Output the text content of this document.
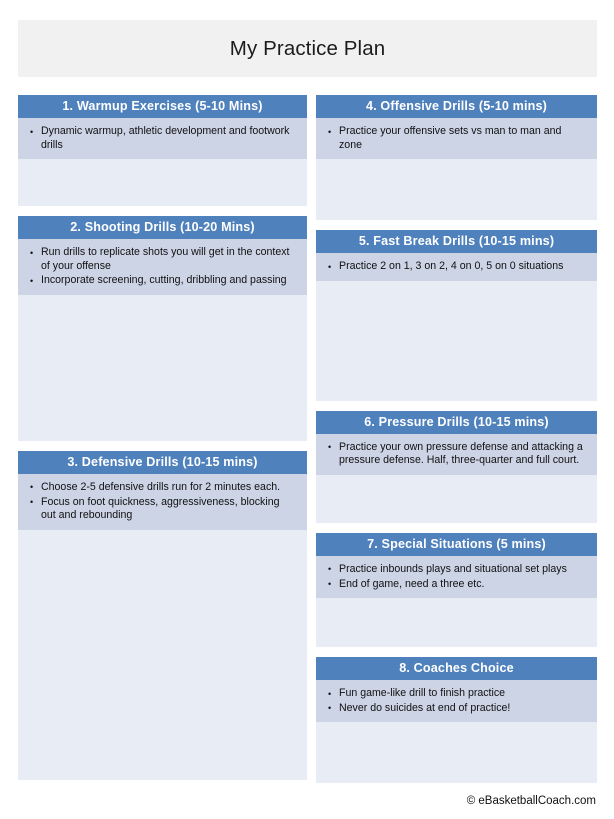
My Practice Plan
1. Warmup Exercises (5-10 Mins)
• Dynamic warmup, athletic development and footwork drills
2. Shooting Drills (10-20 Mins)
• Run drills to replicate shots you will get in the context of your offense
• Incorporate screening, cutting, dribbling and passing
3. Defensive Drills (10-15 mins)
• Choose 2-5 defensive drills run for 2 minutes each.
• Focus on foot quickness, aggressiveness, blocking out and rebounding
4. Offensive Drills (5-10 mins)
• Practice your offensive sets vs man to man and zone
5. Fast Break Drills (10-15 mins)
• Practice 2 on 1, 3 on 2, 4 on 0, 5 on 0 situations
6. Pressure Drills (10-15 mins)
• Practice your own pressure defense and attacking a pressure defense. Half, three-quarter and full court.
7. Special Situations (5 mins)
• Practice inbounds plays and situational set plays
• End of game, need a three etc.
8. Coaches Choice
• Fun game-like drill to finish practice
• Never do suicides at end of practice!
© eBasketballCoach.com
